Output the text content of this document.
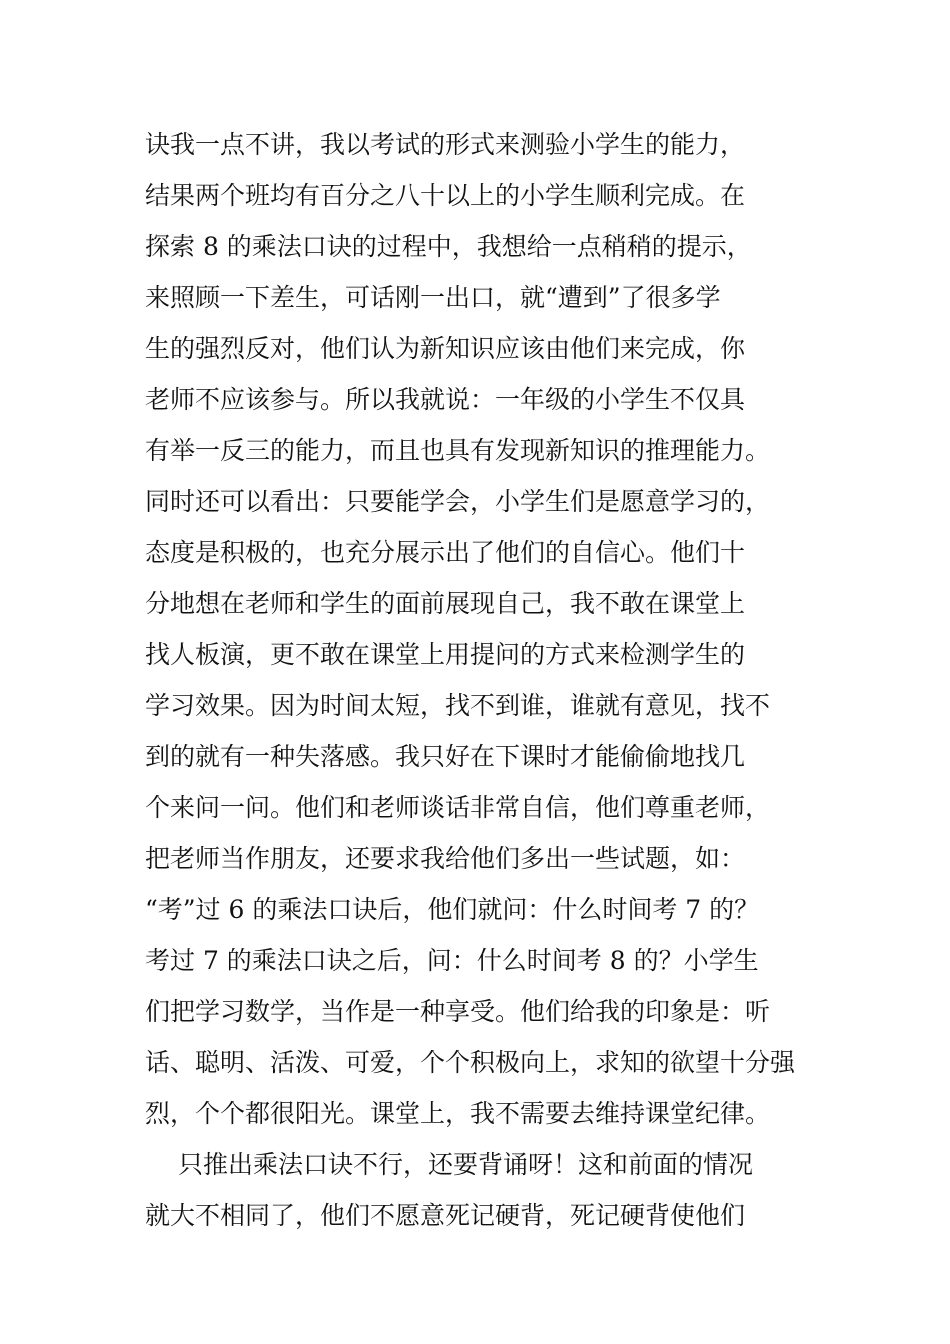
诀我一点不讲，我以考试的形式来测验小学生的能力，
结果两个班均有百分之八十以上的小学生顺利完成。在
探索 8 的乘法口诀的过程中，我想给一点稍稍的提示，
来照顾一下差生，可话刚一出口，就“遭到”了很多学
生的强烈反对，他们认为新知识应该由他们来完成，你
老师不应该参与。所以我就说：一年级的小学生不仅具
有举一反三的能力，而且也具有发现新知识的推理能力。
同时还可以看出：只要能学会，小学生们是愿意学习的，
态度是积极的，也充分展示出了他们的自信心。他们十
分地想在老师和学生的面前展现自己，我不敢在课堂上
找人板演，更不敢在课堂上用提问的方式来检测学生的
学习效果。因为时间太短，找不到谁，谁就有意见，找不
到的就有一种失落感。我只好在下课时才能偷偷地找几
个来问一问。他们和老师谈话非常自信，他们尊重老师，
把老师当作朋友，还要求我给他们多出一些试题，如：
“考”过 6 的乘法口诀后，他们就问：什么时间考 7 的？
考过 7 的乘法口诀之后，问：什么时间考 8 的？小学生
们把学习数学，当作是一种享受。他们给我的印象是：听
话、聪明、活泼、可爱，个个积极向上，求知的欲望十分强
烈，个个都很阳光。课堂上，我不需要去维持课堂纪律。
只推出乘法口诀不行，还要背诵呀！这和前面的情况
就大不相同了，他们不愿意死记硬背，死记硬背使他们
